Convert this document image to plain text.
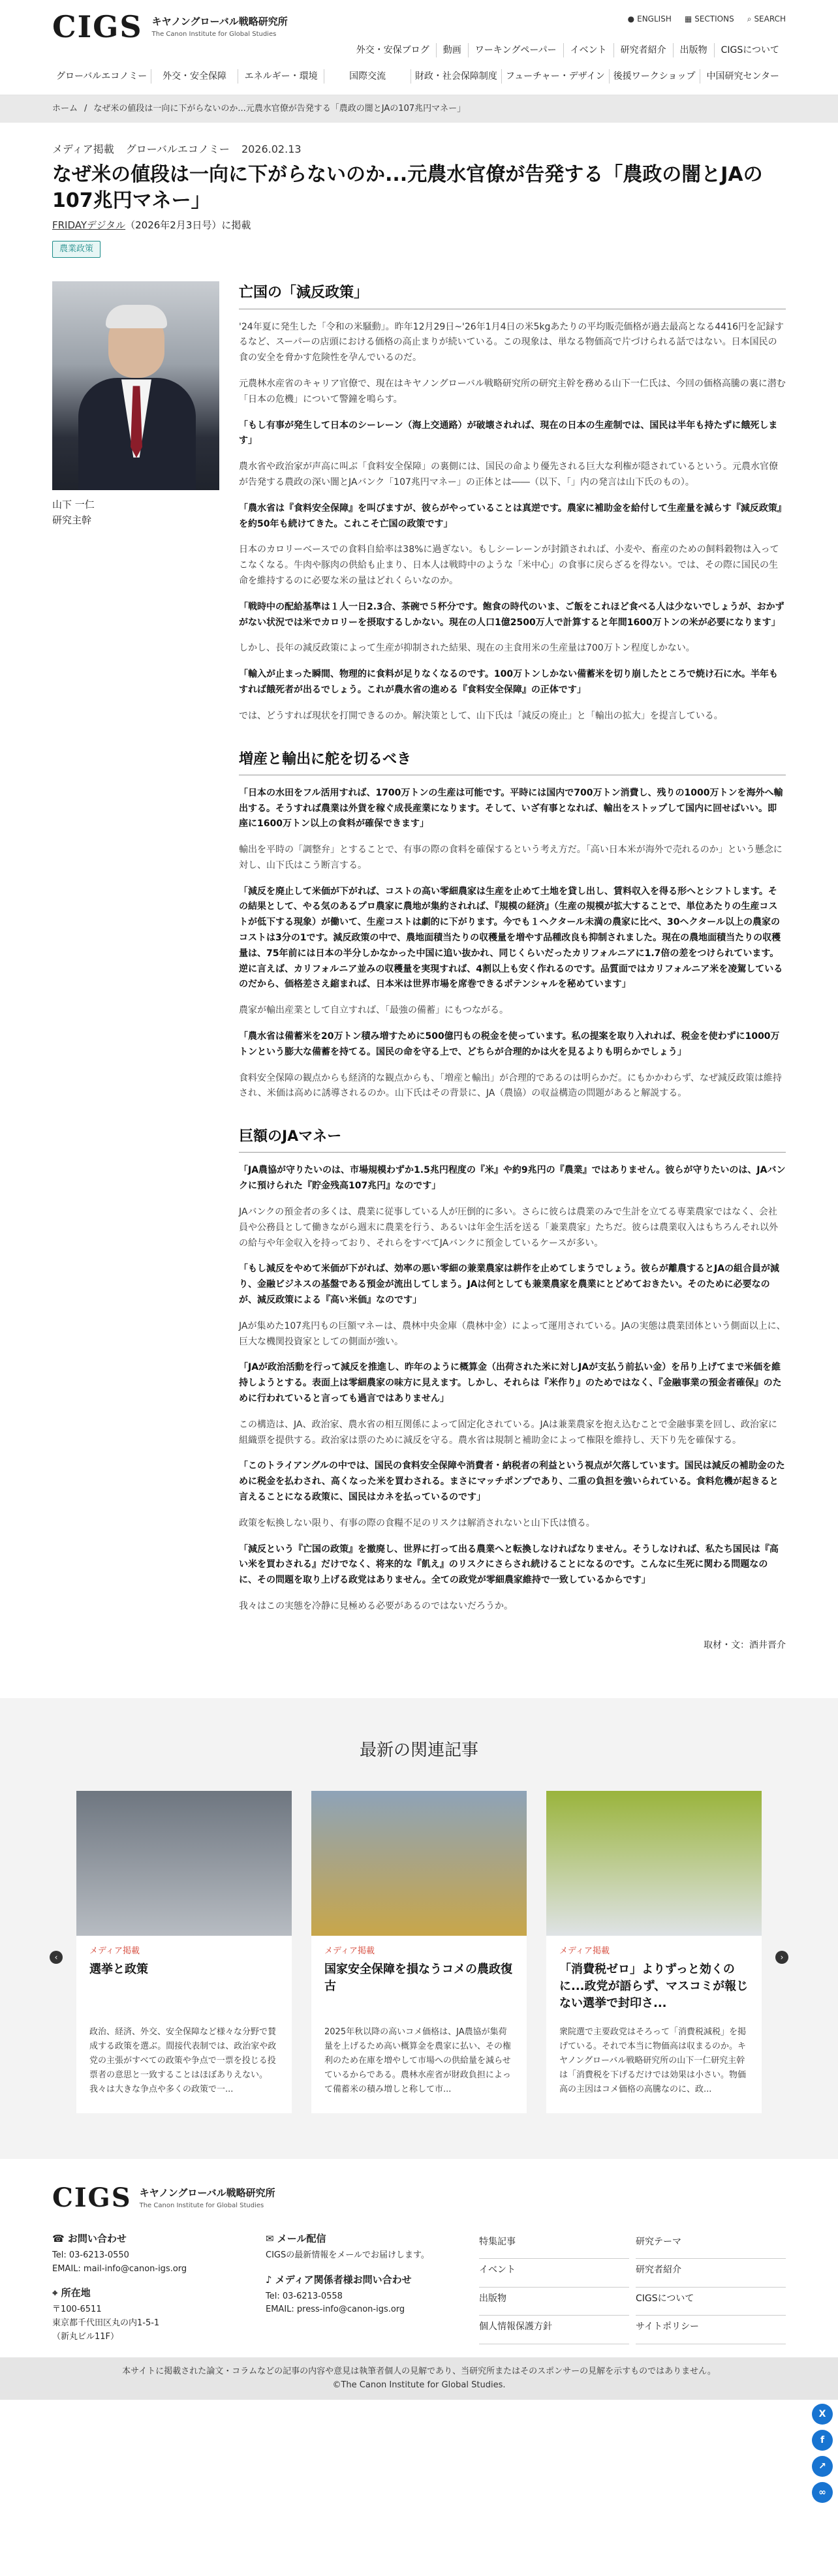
CIGS キヤノングローバル戦略研究所
The Canon Institute for Global Studies
● ENGLISH ▦ SECTIONS ⌕ SEARCH
外交・安保ブログ	動画	ワーキングペーパー	イベント	研究者紹介	出版物	CIGSについて
グローバルエコノミー	外交・安全保障	エネルギー・環境	国際交流	財政・社会保障制度 フューチャー・デザイン 後援ワークショップ	中国研究センター
ホーム / なぜ米の値段は一向に下がらないのか...元農水官僚が告発する「農政の闇とJAの107兆円マネー」
メディア掲載 グローバルエコノミー 2026.02.13
なぜ米の値段は一向に下がらないのか...元農水官僚が告発する「農政の闇とJAの107兆円マネー」
FRIDAYデジタル（2026年2月3日号）に掲載
農業政策
山下 一仁
研究主幹
亡国の「減反政策」

'24年夏に発生した「令和の米騒動」。昨年12月29日~'26年1月4日の米5kgあたりの平均販売価格が過去最高となる4416円を記録するなど、スーパーの店頭における価格の高止まりが続いている。この現象は、単なる物価高で片づけられる話ではない。日本国民の食の安全を脅かす危険性を孕んでいるのだ。

元農林水産省のキャリア官僚で、現在はキヤノングローバル戦略研究所の研究主幹を務める山下一仁氏は、今回の価格高騰の裏に潜む「日本の危機」について警鐘を鳴らす。

「もし有事が発生して日本のシーレーン（海上交通路）が破壊されれば、現在の日本の生産制では、国民は半年も持たずに餓死します」

農水省や政治家が声高に叫ぶ「食料安全保障」の裏側には、国民の命より優先される巨大な利権が隠されているという。元農水官僚が告発する農政の深い闇とJAバンク「107兆円マネー」の正体とは――（以下、「」内の発言は山下氏のもの）。

「農水省は『食料安全保障』を叫びますが、彼らがやっていることは真逆です。農家に補助金を給付して生産量を減らす『減反政策』を約50年も続けてきた。これこそ亡国の政策です」

日本のカロリーベースでの食料自給率は38%に過ぎない。もしシーレーンが封鎖されれば、小麦や、畜産のための飼料穀物は入ってこなくなる。牛肉や豚肉の供給も止まり、日本人は戦時中のような「米中心」の食事に戻らざるを得ない。では、その際に国民の生命を維持するのに必要な米の量はどれくらいなのか。

「戦時中の配給基準は１人一日2.3合、茶碗で５杯分です。飽食の時代のいま、ご飯をこれほど食べる人は少ないでしょうが、おかずがない状況では米でカロリーを摂取するしかない。現在の人口1億2500万人で計算すると年間1600万トンの米が必要になります」

しかし、長年の減反政策によって生産が抑制された結果、現在の主食用米の生産量は700万トン程度しかない。

「輸入が止まった瞬間、物理的に食料が足りなくなるのです。100万トンしかない備蓄米を切り崩したところで焼け石に水。半年もすれば餓死者が出るでしょう。これが農水省の進める『食料安全保障』の正体です」

では、どうすれば現状を打開できるのか。解決策として、山下氏は「減反の廃止」と「輸出の拡大」を提言している。

増産と輸出に舵を切るべき

「日本の水田をフル活用すれば、1700万トンの生産は可能です。平時には国内で700万トン消費し、残りの1000万トンを海外へ輸出する。そうすれば農業は外貨を稼ぐ成長産業になります。そして、いざ有事となれば、輸出をストップして国内に回せばいい。即座に1600万トン以上の食料が確保できます」

輸出を平時の「調整弁」とすることで、有事の際の食料を確保するという考え方だ。「高い日本米が海外で売れるのか」という懸念に対し、山下氏はこう断言する。

「減反を廃止して米価が下がれば、コストの高い零細農家は生産を止めて土地を貸し出し、賃料収入を得る形へとシフトします。その結果として、やる気のあるプロ農家に農地が集約されれば、『規模の経済』（生産の規模が拡大することで、単位あたりの生産コストが低下する現象）が働いて、生産コストは劇的に下がります。今でも１ヘクタール未満の農家に比べ、30ヘクタール以上の農家のコストは3分の1です。減反政策の中で、農地面積当たりの収穫量を増やす品種改良も抑制されました。現在の農地面積当たりの収穫量は、75年前には日本の半分しかなかった中国に追い抜かれ、同じくらいだったカリフォルニアに1.7倍の差をつけられています。逆に言えば、カリフォルニア並みの収穫量を実現すれば、4割以上も安く作れるのです。品質面ではカリフォルニア米を凌駕しているのだから、価格差さえ縮まれば、日本米は世界市場を席巻できるポテンシャルを秘めています」

農家が輸出産業として自立すれば、「最強の備蓄」にもつながる。

「農水省は備蓄米を20万トン積み増すために500億円もの税金を使っています。私の提案を取り入れれば、税金を使わずに1000万トンという膨大な備蓄を持てる。国民の命を守る上で、どちらが合理的かは火を見るよりも明らかでしょう」

食料安全保障の観点からも経済的な観点からも、「増産と輸出」が合理的であるのは明らかだ。にもかかわらず、なぜ減反政策は維持され、米価は高めに誘導されるのか。山下氏はその背景に、JA（農協）の収益構造の問題があると解説する。

巨額のJAマネー

「JA農協が守りたいのは、市場規模わずか1.5兆円程度の『米』や約9兆円の『農業』ではありません。彼らが守りたいのは、JAバンクに預けられた『貯金残高107兆円』なのです」

JAバンクの預金者の多くは、農業に従事している人が圧倒的に多い。さらに彼らは農業のみで生計を立てる専業農家ではなく、会社員や公務員として働きながら週末に農業を行う、あるいは年金生活を送る「兼業農家」たちだ。彼らは農業収入はもちろんそれ以外の給与や年金収入を持っており、それらをすべてJAバンクに預金しているケースが多い。

「もし減反をやめて米価が下がれば、効率の悪い零細の兼業農家は耕作を止めてしまうでしょう。彼らが離農するとJAの組合員が減り、金融ビジネスの基盤である預金が流出してしまう。JAは何としても兼業農家を農業にとどめておきたい。そのために必要なのが、減反政策による『高い米価』なのです」

JAが集めた107兆円もの巨額マネーは、農林中央金庫（農林中金）によって運用されている。JAの実態は農業団体という側面以上に、巨大な機関投資家としての側面が強い。

「JAが政治活動を行って減反を推進し、昨年のように概算金（出荷された米に対しJAが支払う前払い金）を吊り上げてまで米価を維持しようとする。表面上は零細農家の味方に見えます。しかし、それらは『米作り』のためではなく、『金融事業の預金者確保』のために行われていると言っても過言ではありません」

この構造は、JA、政治家、農水省の相互関係によって固定化されている。JAは兼業農家を抱え込むことで金融事業を回し、政治家に組織票を提供する。政治家は票のために減反を守る。農水省は規制と補助金によって権限を維持し、天下り先を確保する。

「このトライアングルの中では、国民の食料安全保障や消費者・納税者の利益という視点が欠落しています。国民は減反の補助金のために税金を払わされ、高くなった米を買わされる。まさにマッチポンプであり、二重の負担を強いられている。食料危機が起きると言えることになる政策に、国民はカネを払っているのです」

政策を転換しない限り、有事の際の食糧不足のリスクは解消されないと山下氏は憤る。

「減反という『亡国の政策』を撤廃し、世界に打って出る農業へと転換しなければなりません。そうしなければ、私たち国民は『高い米を買わされる』だけでなく、将来的な『飢え』のリスクにさらされ続けることになるのです。こんなに生死に関わる問題なのに、その問題を取り上げる政党はありません。全ての政党が零細農家維持で一致しているからです」

我々はこの実態を冷静に見極める必要があるのではないだろうか。

取材・文：酒井晋介
最新の関連記事
‹
メディア掲載
選挙と政策
政治、経済、外交、安全保障など様々な分野で賛成する政策を選ぶ。間接代表制では、政治家や政党の主張がすべての政策や争点で一票を投じる投票者の意思と一致することはほぼありえない。我々は大きな争点や多くの政策で一...
メディア掲載
国家安全保障を損なうコメの農政復古
2025年秋以降の高いコメ価格は、JA農協が集荷量を上げるため高い概算金を農家に払い、その権利のため在庫を増やして市場への供給量を減らせているからである。農林水産省が財政負担によって備蓄米の積み増しと称して市...
メディア掲載
「消費税ゼロ」よりずっと効くのに...政党が語らず、マスコミが報じない選挙で封印さ...
衆院選で主要政党はそろって「消費税減税」を掲げている。それで本当に物価高は収まるのか。キヤノングローバル戦略研究所の山下一仁研究主幹は「消費税を下げるだけでは効果は小さい。物価高の主因はコメ価格の高騰なのに、政...
›
CIGS キヤノングローバル戦略研究所
The Canon Institute for Global Studies
☎ お問い合わせ
Tel: 03-6213-0550
EMAIL: mail-info@canon-igs.org
⌖ 所在地
〒100-6511
東京都千代田区丸の内1-5-1
（新丸ビル11F）
✉ メール配信
CIGSの最新情報をメールでお届けします。
♪ メディア関係者様お問い合わせ
Tel: 03-6213-0558
EMAIL: press-info@canon-igs.org
特集記事	研究テーマ
イベント	研究者紹介
出版物	CIGSについて
個人情報保護方針	サイトポリシー
本サイトに掲載された論文・コラムなどの記事の内容や意見は執筆者個人の見解であり、当研究所またはそのスポンサーの見解を示すものではありません。
©The Canon Institute for Global Studies.
X
f
↗
∞
